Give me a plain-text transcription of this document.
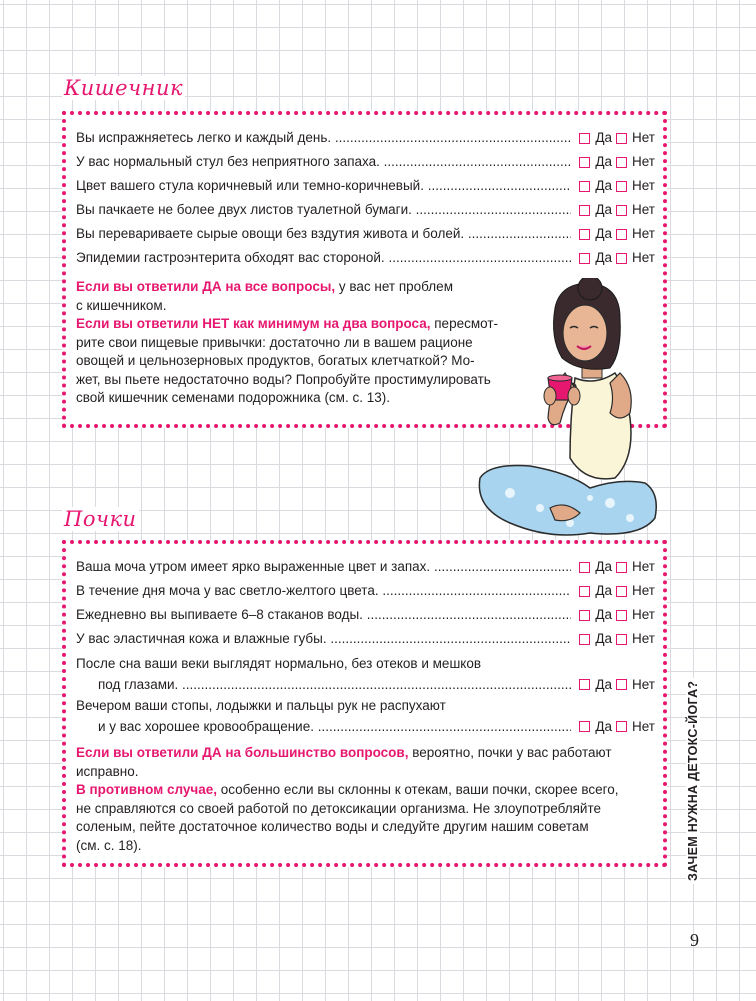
Кишечник
Вы испражняетесь легко и каждый день. .....	Да Нет
У вас нормальный стул без неприятного запаха. .....	Да Нет
Цвет вашего стула коричневый или темно-коричневый. .....	Да Нет
Вы пачкаете не более двух листов туалетной бумаги. .....	Да Нет
Вы перевариваете сырые овощи без вздутия живота и болей. .....	Да Нет
Эпидемии гастроэнтерита обходят вас стороной. .....	Да Нет

Если вы ответили ДА на все вопросы, у вас нет проблем

с кишечником.

Если вы ответили НЕТ как минимум на два вопроса, пересмот-

рите свои пищевые привычки: достаточно ли в вашем рационе

овощей и цельнозерновых продуктов, богатых клетчаткой? Мо-

жет, вы пьете недостаточно воды? Попробуйте простимулировать

свой кишечник семенами подорожника (см. с. 13).

Почки
Ваша моча утром имеет ярко выраженные цвет и запах. .....	Да Нет
В течение дня моча у вас светло-желтого цвета. .....	Да Нет
Ежедневно вы выпиваете 6–8 стаканов воды. .....	Да Нет
У вас эластичная кожа и влажные губы. .....	Да Нет
После сна ваши веки выглядят нормально, без отеков и мешков
под глазами. .....	Да Нет
Вечером ваши стопы, лодыжки и пальцы рук не распухают
и у вас хорошее кровообращение. .....	Да Нет

Если вы ответили ДА на большинство вопросов, вероятно, почки у вас работают

исправно.

В противном случае, особенно если вы склонны к отекам, ваши почки, скорее всего,

не справляются со своей работой по детоксикации организма. Не злоупотребляйте

соленым, пейте достаточное количество воды и следуйте другим нашим советам

(см. с. 18).	ЗАЧЕМ НУЖНА ДЕТОКС-ЙОГА?
9
